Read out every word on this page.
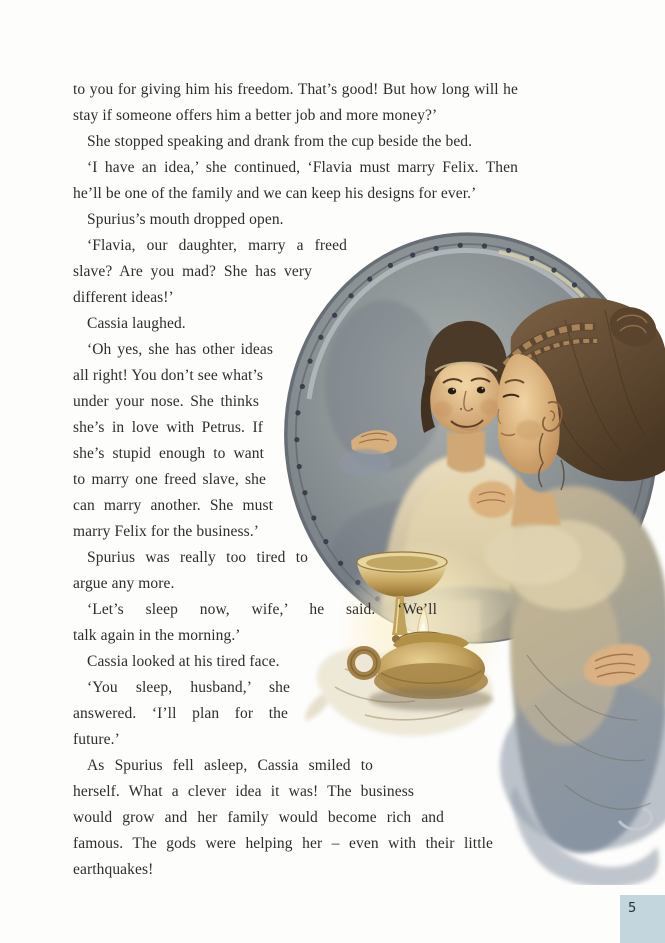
to you for giving him his freedom. That’s good! But how long will he
stay if someone offers him a better job and more money?’
She stopped speaking and drank from the cup beside the bed.
‘I have an idea,’ she continued, ‘Flavia must marry Felix. Then
he’ll be one of the family and we can keep his designs for ever.’
Spurius’s mouth dropped open.
‘Flavia, our daughter, marry a freed
slave? Are you mad? She has very
different ideas!’
Cassia laughed.
‘Oh yes, she has other ideas
all right! You don’t see what’s
under your nose. She thinks
she’s in love with Petrus. If
she’s stupid enough to want
to marry one freed slave, she
can marry another. She must
marry Felix for the business.’
Spurius was really too tired to
argue any more.
‘Let’s sleep now, wife,’ he said. ‘We’ll
talk again in the morning.’
Cassia looked at his tired face.
‘You sleep, husband,’ she
answered. ‘I’ll plan for the
future.’
As Spurius fell asleep, Cassia smiled to
herself. What a clever idea it was! The business
would grow and her family would become rich and
famous. The gods were helping her – even with their little
earthquakes!
5
